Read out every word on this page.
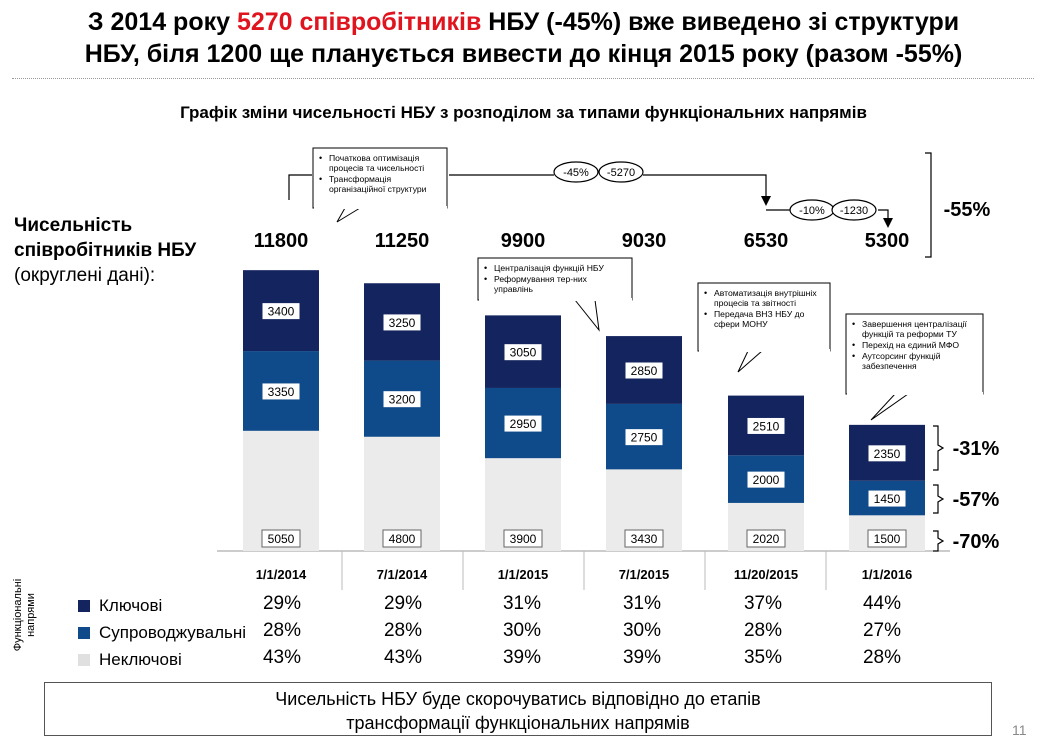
З 2014 року 5270 співробітників НБУ (-45%) вже виведено зі структури
НБУ, біля 1200 ще планується вивести до кінця 2015 року (разом -55%)
Графік зміни чисельності НБУ з розподілом за типами функціональних напрямів
Чисельність
співробітників НБУ
(округлені дані):
5050
3350
3400
11800
1/1/2014
4800
3200
3250
11250
7/1/2014
3900
2950
3050
9900
1/1/2015
3430
2750
2850
9030
7/1/2015
2020
2000
2510
6530
11/20/2015
1500
1450
2350
5300
1/1/2016
-45% -5270
-10% -1230	-55%
-31%
-57%
-70%
• Початкова оптимізація
процесів та чисельності
• Трансформація
організаційної структури
• Централізація функцій НБУ
• Реформування тер-них
управлінь	• Автоматизація внутрішніх
процесів та звітності
• Передача ВНЗ НБУ до
сфери МОНУ	• Завершення централізації
функцій та реформи ТУ
• Перехід на єдиний МФО
• Аутсорсинг функцій
забезпечення
Функціональні напрями	Ключові
Супроводжувальні
Неключові
29%	29%	31%	31%	37%	44%
28%	28%	30%	30%	28%	27%
43%	43%	39%	39%	35%	28%
Чисельність НБУ буде скорочуватись відповідно до етапів
трансформації функціональних напрямів	11
